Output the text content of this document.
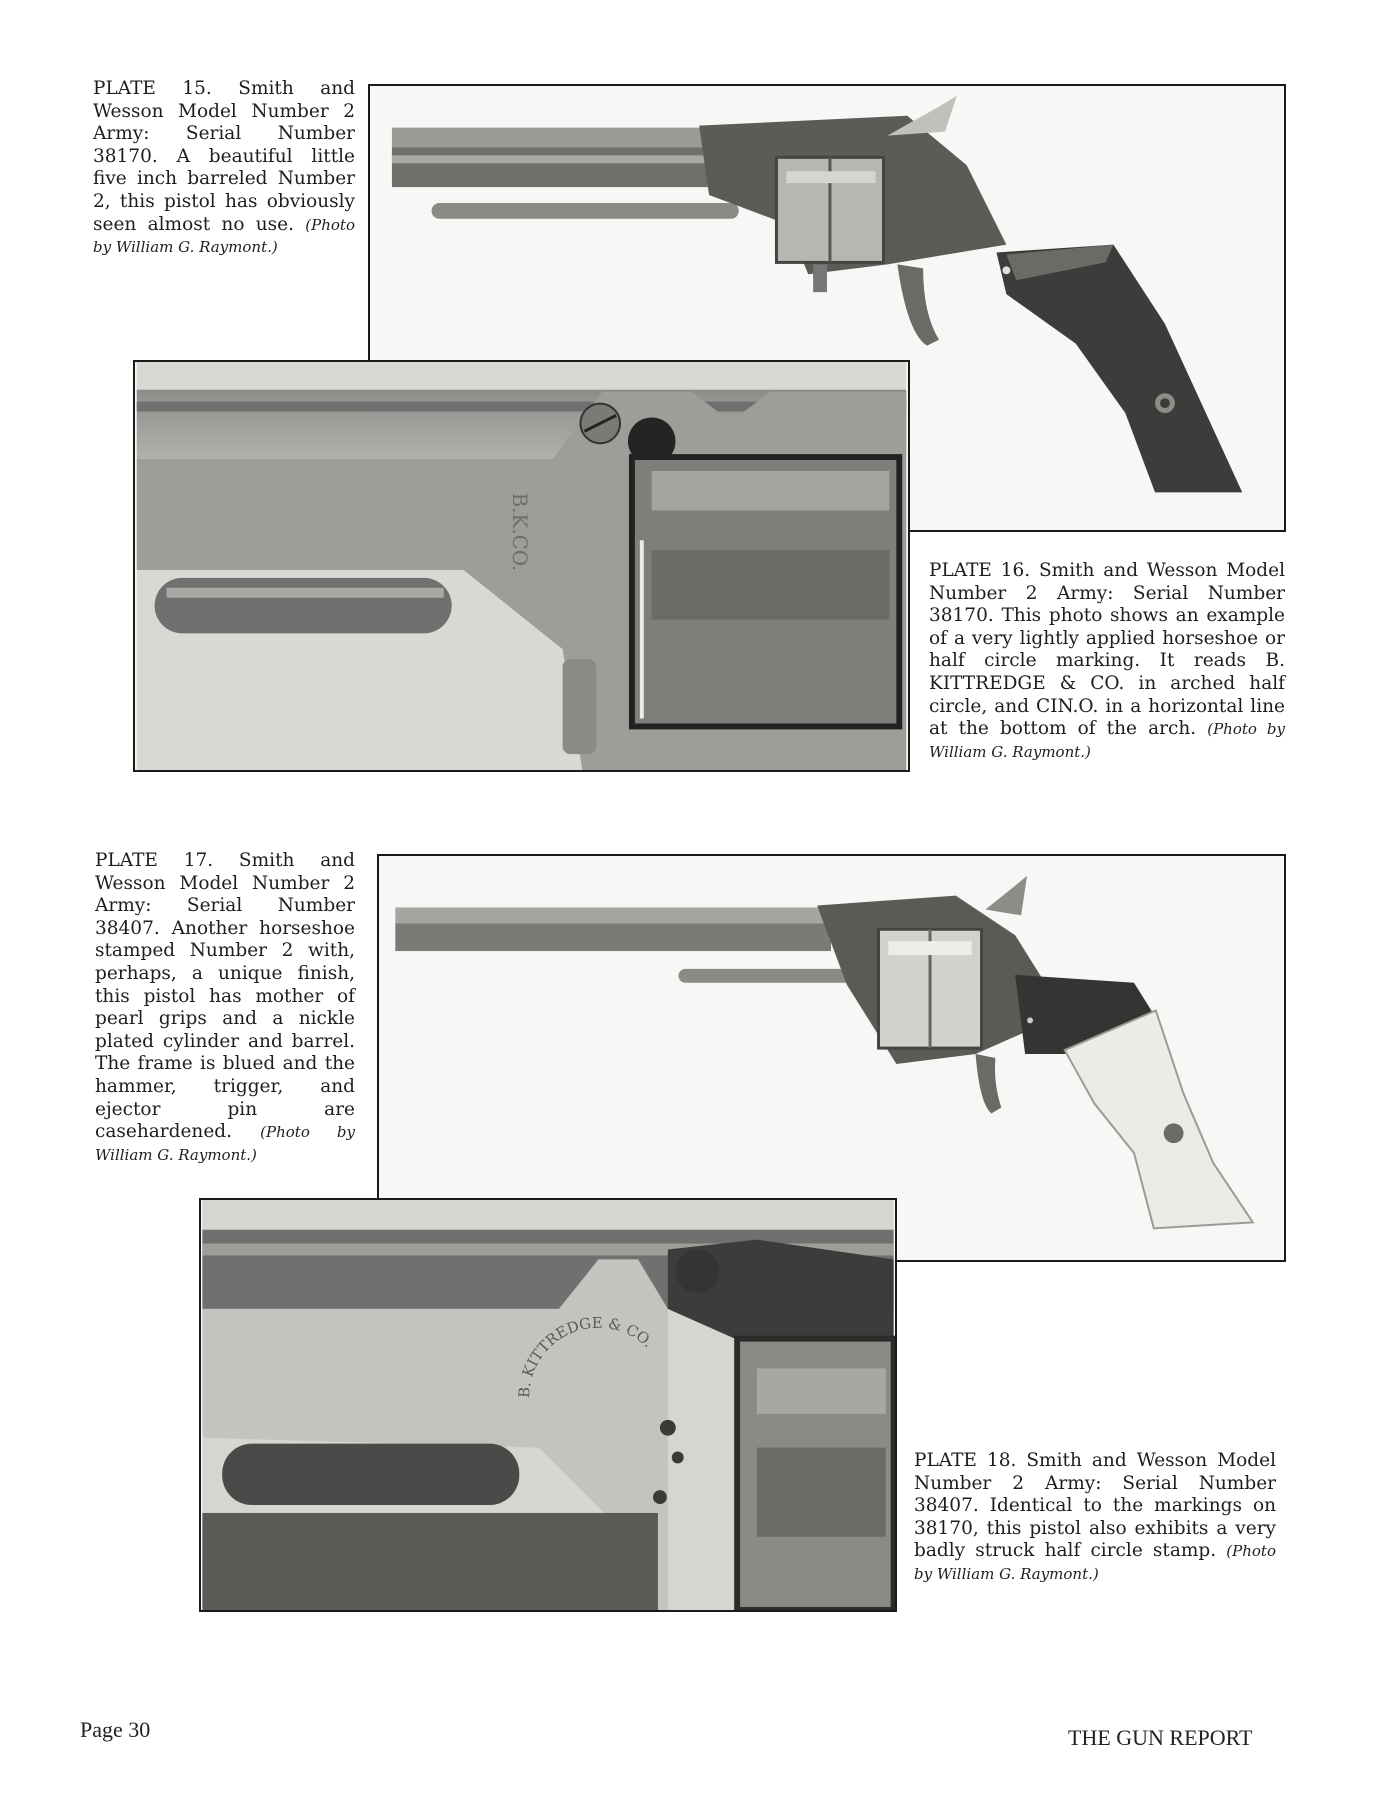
B.K.CO.
B. KITTREDGE & CO.
PLATE 15. Smith and Wesson Model Number 2 Army: Serial Number 38170. A beautiful little five inch barreled Number 2, this pistol has obviously seen almost no use. (Photo by William G. Raymont.)
PLATE 16. Smith and Wesson Model Number 2 Army: Serial Number 38170. This photo shows an example of a very lightly applied horseshoe or half circle marking. It reads B. KITTREDGE & CO. in arched half circle, and CIN.O. in a horizontal line at the bottom of the arch. (Photo by William G. Raymont.)
PLATE 17. Smith and Wesson Model Number 2 Army: Serial Number 38407. Another horseshoe stamped Number 2 with, perhaps, a unique finish, this pistol has mother of pearl grips and a nickle plated cylinder and barrel. The frame is blued and the hammer, trigger, and ejector pin are casehardened. (Photo by William G. Raymont.)
PLATE 18. Smith and Wesson Model Number 2 Army: Serial Number 38407. Identical to the markings on 38170, this pistol also exhibits a very badly struck half circle stamp. (Photo by William G. Raymont.)
Page 30	THE GUN REPORT
